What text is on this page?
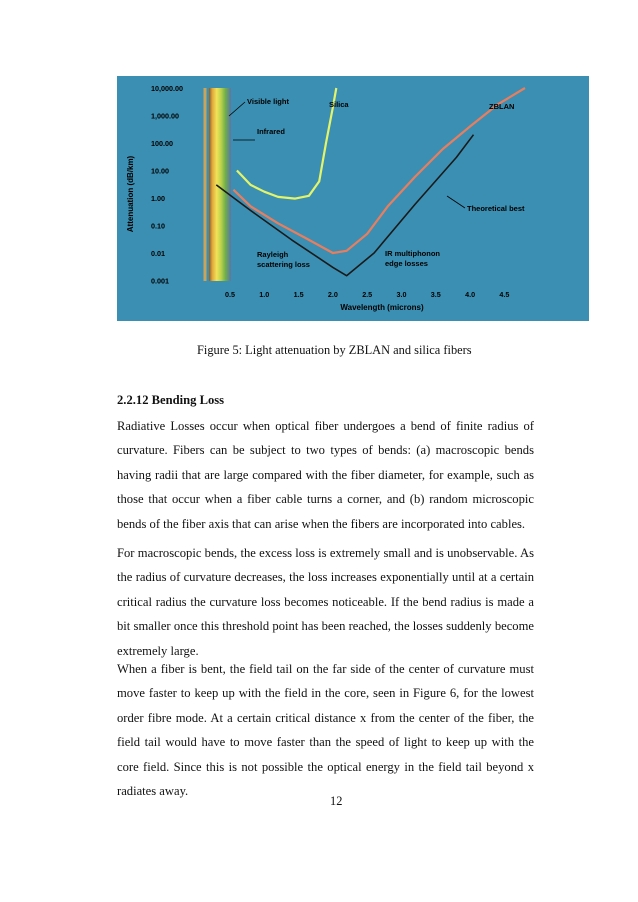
10,000.00
1,000.00
100.00
10.00
1.00
0.10
0.01
0.001
0.5	1.0	1.5	2.0	2.5	3.0	3.5	4.0	4.5
Attenuation (dB/km)
Wavelength (microns)
Visible light
Infrared
Silica	ZBLAN
Theoretical best
Rayleigh
scattering loss
IR multiphonon
edge losses
Figure 5: Light attenuation by ZBLAN and silica fibers
2.2.12 Bending Loss

Radiative Losses occur when optical fiber undergoes a bend of finite radius of curvature. Fibers can be subject to two types of bends: (a) macroscopic bends having radii that are large compared with the fiber diameter, for example, such as those that occur when a fiber cable turns a corner, and (b) random microscopic bends of the fiber axis that can arise when the fibers are incorporated into cables.

For macroscopic bends, the excess loss is extremely small and is unobservable. As the radius of curvature decreases, the loss increases exponentially until at a certain critical radius the curvature loss becomes noticeable. If the bend radius is made a bit smaller once this threshold point has been reached, the losses suddenly become extremely large.

When a fiber is bent, the field tail on the far side of the center of curvature must move faster to keep up with the field in the core, seen in Figure 6, for the lowest order fibre mode. At a certain critical distance x from the center of the fiber, the field tail would have to move faster than the speed of light to keep up with the core field. Since this is not possible the optical energy in the field tail beyond x radiates away.

12
